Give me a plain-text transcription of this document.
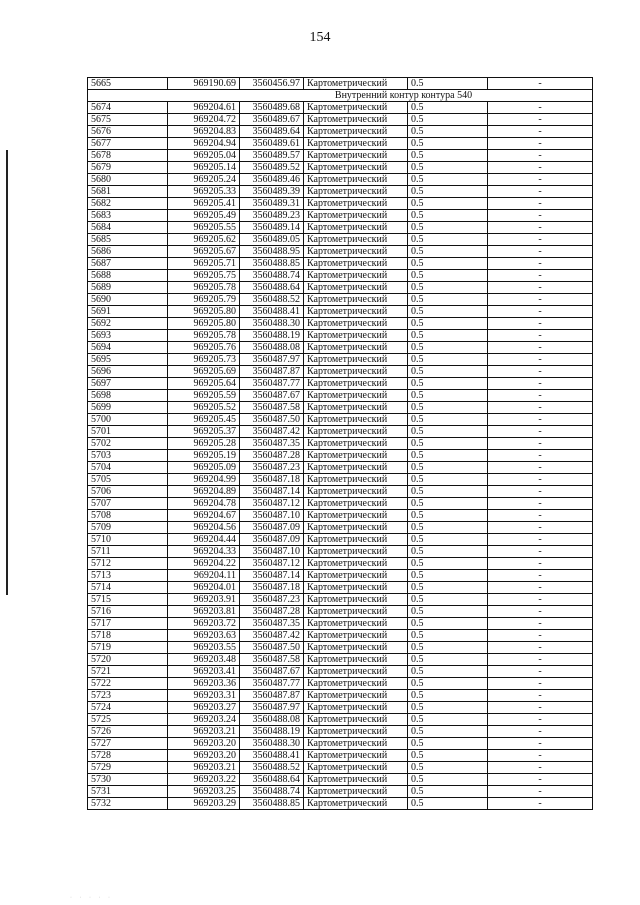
154
5665	969190.69	3560456.97	Картометрический	0.5	-
Внутренний контур контура 540					
5674	969204.61	3560489.68	Картометрический	0.5	-
5675	969204.72	3560489.67	Картометрический	0.5	-
5676	969204.83	3560489.64	Картометрический	0.5	-
5677	969204.94	3560489.61	Картометрический	0.5	-
5678	969205.04	3560489.57	Картометрический	0.5	-
5679	969205.14	3560489.52	Картометрический	0.5	-
5680	969205.24	3560489.46	Картометрический	0.5	-
5681	969205.33	3560489.39	Картометрический	0.5	-
5682	969205.41	3560489.31	Картометрический	0.5	-
5683	969205.49	3560489.23	Картометрический	0.5	-
5684	969205.55	3560489.14	Картометрический	0.5	-
5685	969205.62	3560489.05	Картометрический	0.5	-
5686	969205.67	3560488.95	Картометрический	0.5	-
5687	969205.71	3560488.85	Картометрический	0.5	-
5688	969205.75	3560488.74	Картометрический	0.5	-
5689	969205.78	3560488.64	Картометрический	0.5	-
5690	969205.79	3560488.52	Картометрический	0.5	-
5691	969205.80	3560488.41	Картометрический	0.5	-
5692	969205.80	3560488.30	Картометрический	0.5	-
5693	969205.78	3560488.19	Картометрический	0.5	-
5694	969205.76	3560488.08	Картометрический	0.5	-
5695	969205.73	3560487.97	Картометрический	0.5	-
5696	969205.69	3560487.87	Картометрический	0.5	-
5697	969205.64	3560487.77	Картометрический	0.5	-
5698	969205.59	3560487.67	Картометрический	0.5	-
5699	969205.52	3560487.58	Картометрический	0.5	-
5700	969205.45	3560487.50	Картометрический	0.5	-
5701	969205.37	3560487.42	Картометрический	0.5	-
5702	969205.28	3560487.35	Картометрический	0.5	-
5703	969205.19	3560487.28	Картометрический	0.5	-
5704	969205.09	3560487.23	Картометрический	0.5	-
5705	969204.99	3560487.18	Картометрический	0.5	-
5706	969204.89	3560487.14	Картометрический	0.5	-
5707	969204.78	3560487.12	Картометрический	0.5	-
5708	969204.67	3560487.10	Картометрический	0.5	-
5709	969204.56	3560487.09	Картометрический	0.5	-
5710	969204.44	3560487.09	Картометрический	0.5	-
5711	969204.33	3560487.10	Картометрический	0.5	-
5712	969204.22	3560487.12	Картометрический	0.5	-
5713	969204.11	3560487.14	Картометрический	0.5	-
5714	969204.01	3560487.18	Картометрический	0.5	-
5715	969203.91	3560487.23	Картометрический	0.5	-
5716	969203.81	3560487.28	Картометрический	0.5	-
5717	969203.72	3560487.35	Картометрический	0.5	-
5718	969203.63	3560487.42	Картометрический	0.5	-
5719	969203.55	3560487.50	Картометрический	0.5	-
5720	969203.48	3560487.58	Картометрический	0.5	-
5721	969203.41	3560487.67	Картометрический	0.5	-
5722	969203.36	3560487.77	Картометрический	0.5	-
5723	969203.31	3560487.87	Картометрический	0.5	-
5724	969203.27	3560487.97	Картометрический	0.5	-
5725	969203.24	3560488.08	Картометрический	0.5	-
5726	969203.21	3560488.19	Картометрический	0.5	-
5727	969203.20	3560488.30	Картометрический	0.5	-
5728	969203.20	3560488.41	Картометрический	0.5	-
5729	969203.21	3560488.52	Картометрический	0.5	-
5730	969203.22	3560488.64	Картометрический	0.5	-
5731	969203.25	3560488.74	Картометрический	0.5	-
5732	969203.29	3560488.85	Картометрический	0.5	-
· · · · ·
